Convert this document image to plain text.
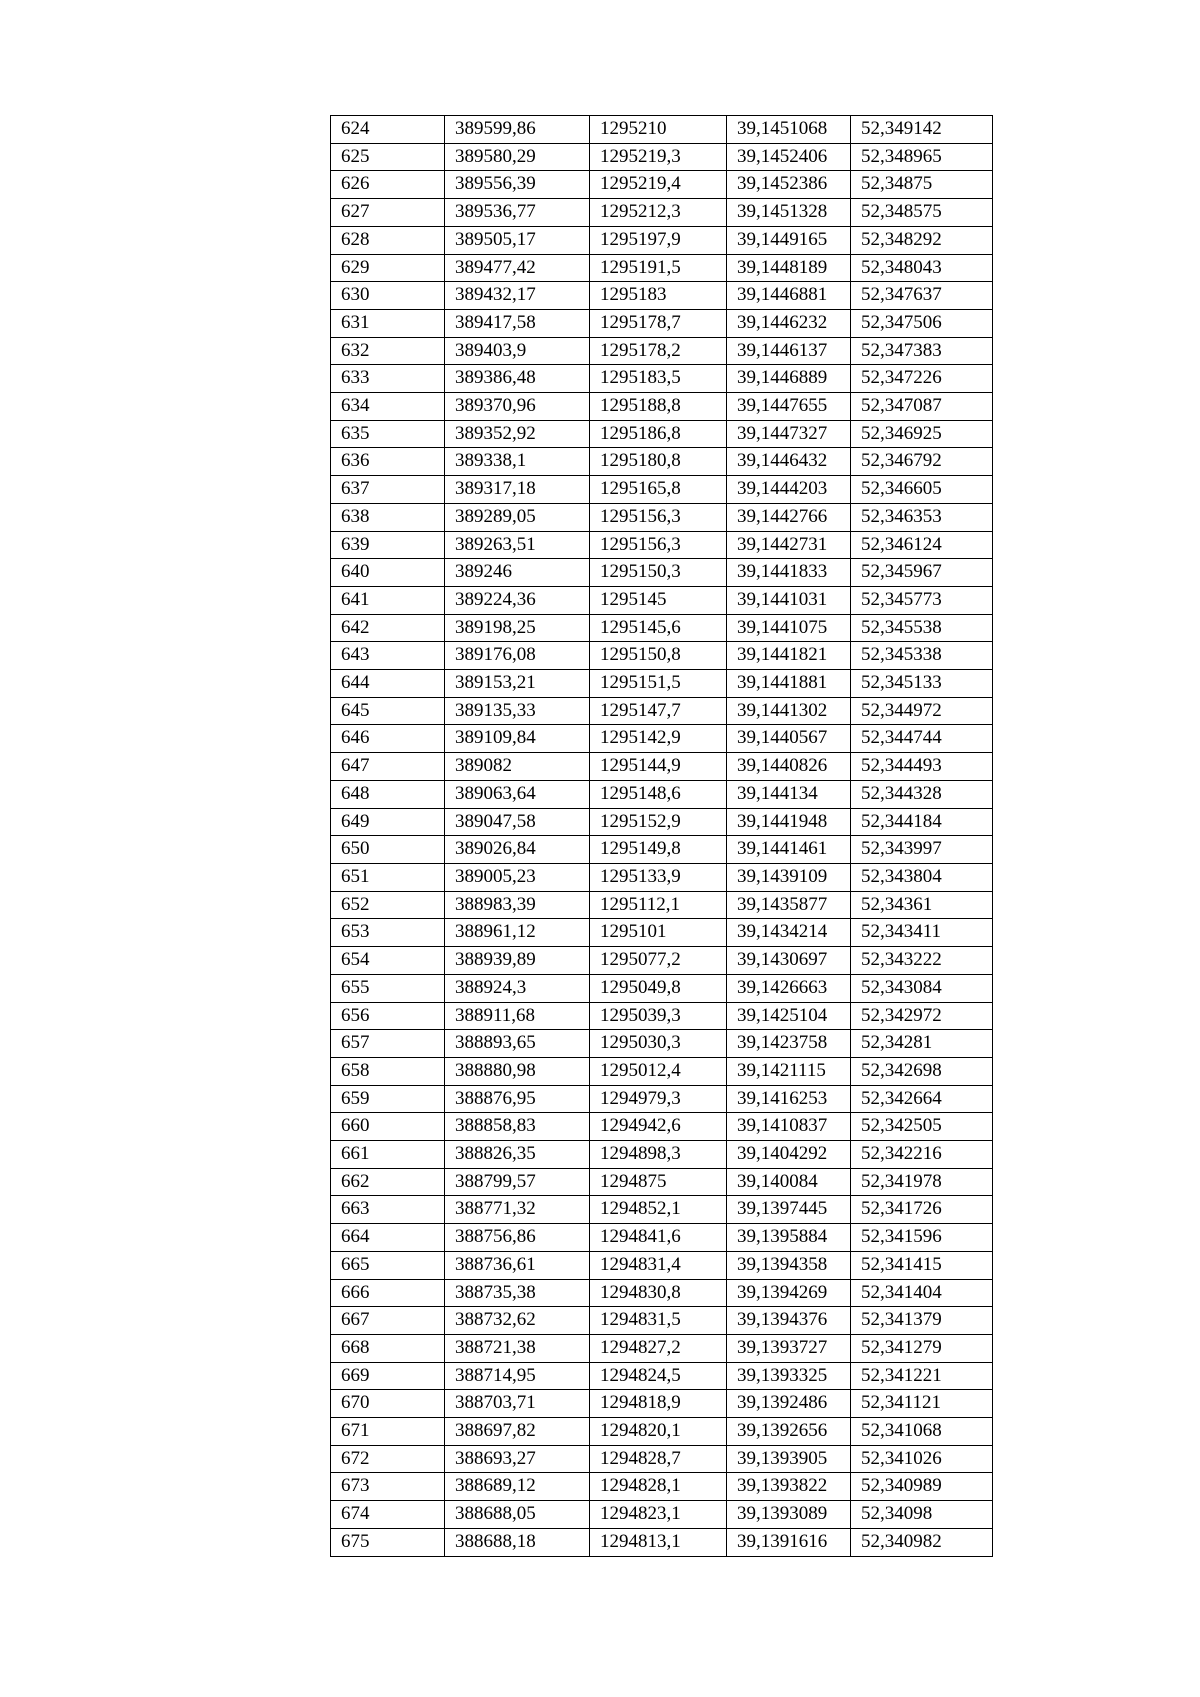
624	389599,86	1295210	39,1451068	52,349142
625	389580,29	1295219,3	39,1452406	52,348965
626	389556,39	1295219,4	39,1452386	52,34875
627	389536,77	1295212,3	39,1451328	52,348575
628	389505,17	1295197,9	39,1449165	52,348292
629	389477,42	1295191,5	39,1448189	52,348043
630	389432,17	1295183	39,1446881	52,347637
631	389417,58	1295178,7	39,1446232	52,347506
632	389403,9	1295178,2	39,1446137	52,347383
633	389386,48	1295183,5	39,1446889	52,347226
634	389370,96	1295188,8	39,1447655	52,347087
635	389352,92	1295186,8	39,1447327	52,346925
636	389338,1	1295180,8	39,1446432	52,346792
637	389317,18	1295165,8	39,1444203	52,346605
638	389289,05	1295156,3	39,1442766	52,346353
639	389263,51	1295156,3	39,1442731	52,346124
640	389246	1295150,3	39,1441833	52,345967
641	389224,36	1295145	39,1441031	52,345773
642	389198,25	1295145,6	39,1441075	52,345538
643	389176,08	1295150,8	39,1441821	52,345338
644	389153,21	1295151,5	39,1441881	52,345133
645	389135,33	1295147,7	39,1441302	52,344972
646	389109,84	1295142,9	39,1440567	52,344744
647	389082	1295144,9	39,1440826	52,344493
648	389063,64	1295148,6	39,144134	52,344328
649	389047,58	1295152,9	39,1441948	52,344184
650	389026,84	1295149,8	39,1441461	52,343997
651	389005,23	1295133,9	39,1439109	52,343804
652	388983,39	1295112,1	39,1435877	52,34361
653	388961,12	1295101	39,1434214	52,343411
654	388939,89	1295077,2	39,1430697	52,343222
655	388924,3	1295049,8	39,1426663	52,343084
656	388911,68	1295039,3	39,1425104	52,342972
657	388893,65	1295030,3	39,1423758	52,34281
658	388880,98	1295012,4	39,1421115	52,342698
659	388876,95	1294979,3	39,1416253	52,342664
660	388858,83	1294942,6	39,1410837	52,342505
661	388826,35	1294898,3	39,1404292	52,342216
662	388799,57	1294875	39,140084	52,341978
663	388771,32	1294852,1	39,1397445	52,341726
664	388756,86	1294841,6	39,1395884	52,341596
665	388736,61	1294831,4	39,1394358	52,341415
666	388735,38	1294830,8	39,1394269	52,341404
667	388732,62	1294831,5	39,1394376	52,341379
668	388721,38	1294827,2	39,1393727	52,341279
669	388714,95	1294824,5	39,1393325	52,341221
670	388703,71	1294818,9	39,1392486	52,341121
671	388697,82	1294820,1	39,1392656	52,341068
672	388693,27	1294828,7	39,1393905	52,341026
673	388689,12	1294828,1	39,1393822	52,340989
674	388688,05	1294823,1	39,1393089	52,34098
675	388688,18	1294813,1	39,1391616	52,340982
